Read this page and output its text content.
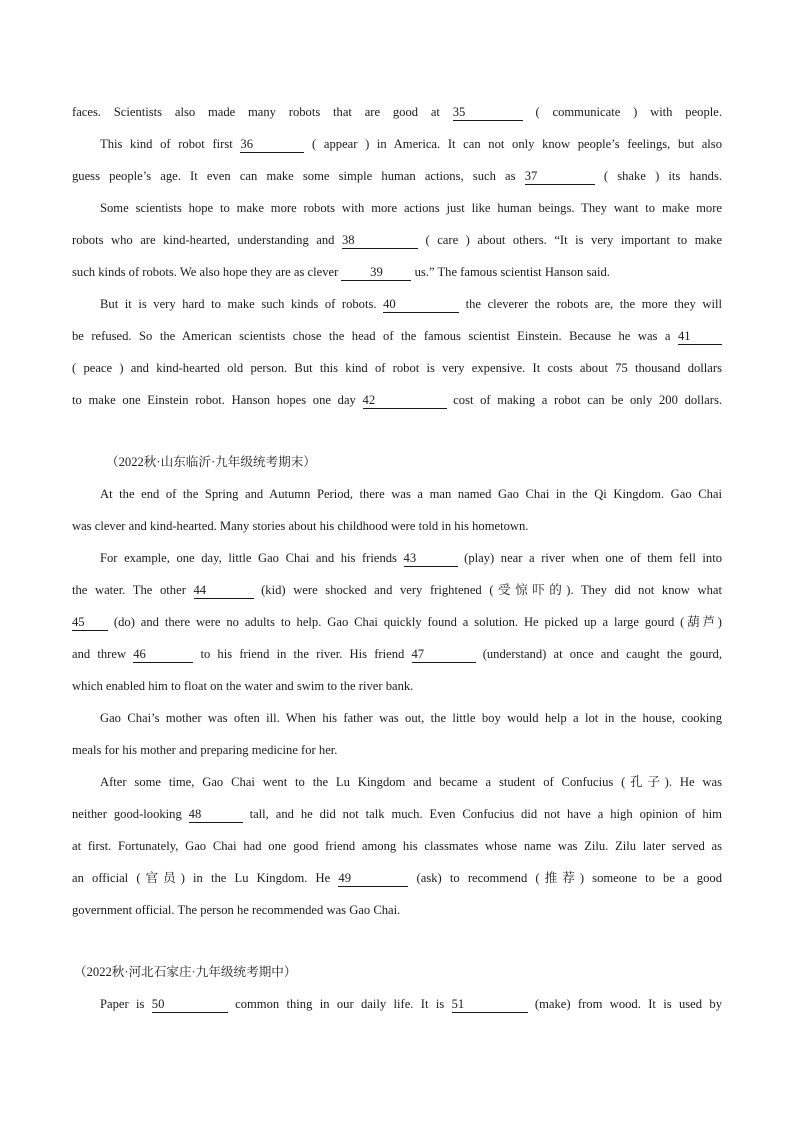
faces. Scientists also made many robots that are good at 35	( communicate ) with people.
This kind of robot first 36	( appear ) in America. It can not only know people’s feelings, but also
guess people’s age. It even can make some simple human actions, such as 37	( shake ) its hands.
Some scientists hope to make more robots with more actions just like human beings. They want to make more
robots who are kind-hearted, understanding and 38	( care ) about others. “It is very important to make
such kinds of robots. We also hope they are as clever 39 us.” The famous scientist Hanson said.
But it is very hard to make such kinds of robots. 40	the cleverer the robots are, the more they will
be refused. So the American scientists chose the head of the famous scientist Einstein. Because he was a 41
( peace ) and kind-hearted old person. But this kind of robot is very expensive. It costs about 75 thousand dollars
to make one Einstein robot. Hanson hopes one day 42	cost of making a robot can be only 200 dollars.
（2022秋·山东临沂·九年级统考期末）
At the end of the Spring and Autumn Period, there was a man named Gao Chai in the Qi Kingdom. Gao Chai
was clever and kind-hearted. Many stories about his childhood were told in his hometown.
For example, one day, little Gao Chai and his friends 43	(play) near a river when one of them fell into
the water. The other 44	(kid) were shocked and very frightened (受惊吓的). They did not know what
45 (do) and there were no adults to help. Gao Chai quickly found a solution. He picked up a large gourd (葫芦)
and threw 46	to his friend in the river. His friend 47	(understand) at once and caught the gourd,
which enabled him to float on the water and swim to the river bank.
Gao Chai’s mother was often ill. When his father was out, the little boy would help a lot in the house, cooking
meals for his mother and preparing medicine for her.
After some time, Gao Chai went to the Lu Kingdom and became a student of Confucius (孔子). He was
neither good-looking 48	tall, and he did not talk much. Even Confucius did not have a high opinion of him
at first. Fortunately, Gao Chai had one good friend among his classmates whose name was Zilu. Zilu later served as
an official (官员) in the Lu Kingdom. He 49	(ask) to recommend (推荐) someone to be a good
government official. The person he recommended was Gao Chai.
（2022秋·河北石家庄·九年级统考期中）
Paper is 50	common thing in our daily life. It is 51	(make) from wood. It is used by
